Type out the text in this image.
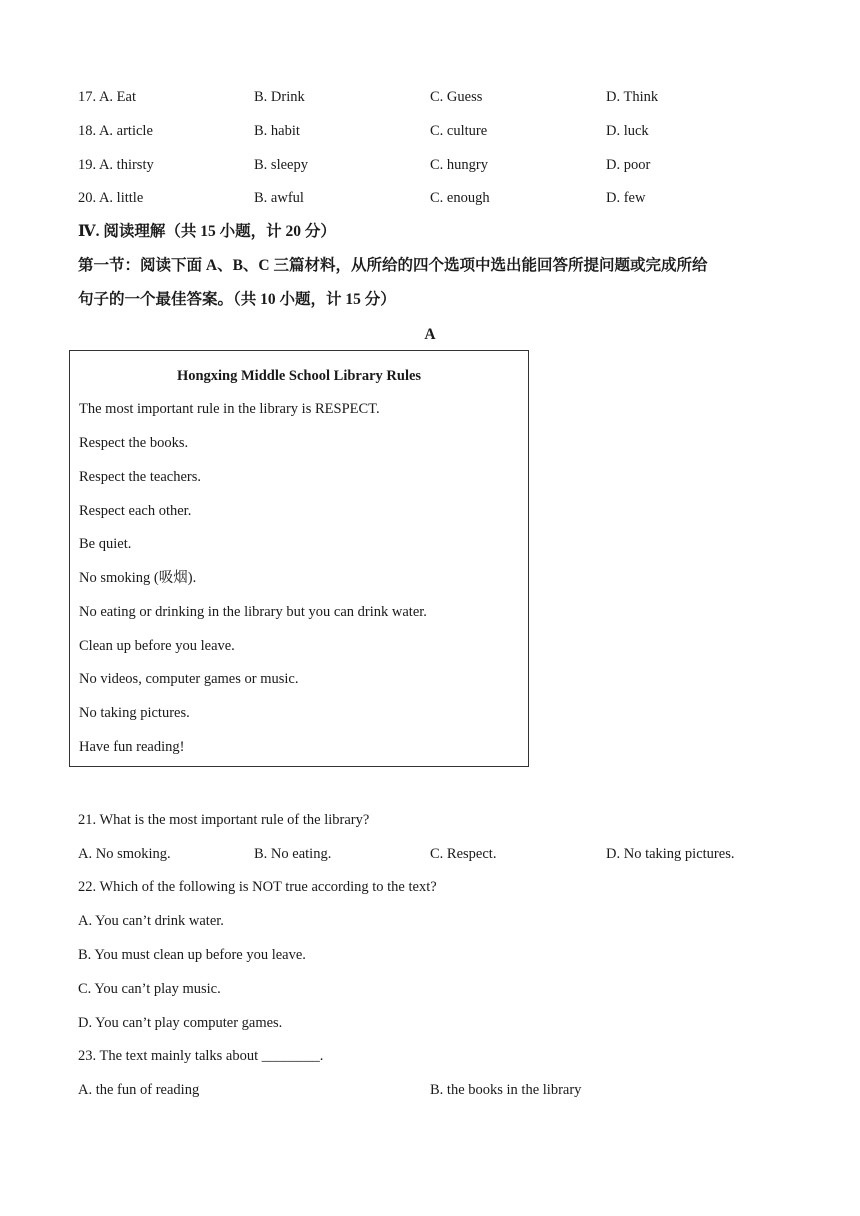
17. A. Eat	B. Drink	C. Guess	D. Think
18. A. article	B. habit	C. culture	D. luck
19. A. thirsty	B. sleepy	C. hungry	D. poor
20. A. little	B. awful	C. enough	D. few
Ⅳ. 阅读理解（共 15 小题，计 20 分）
第一节：阅读下面 A、B、C 三篇材料，从所给的四个选项中选出能回答所提问题或完成所给
句子的一个最佳答案。（共 10 小题，计 15 分）
A
Hongxing Middle School Library Rules
The most important rule in the library is RESPECT.
Respect the books.
Respect the teachers.
Respect each other.
Be quiet.
No smoking (吸烟).
No eating or drinking in the library but you can drink water.
Clean up before you leave.
No videos, computer games or music.
No taking pictures.
Have fun reading!
21. What is the most important rule of the library?
A. No smoking.	B. No eating.	C. Respect.	D. No taking pictures.
22. Which of the following is NOT true according to the text?
A. You can’t drink water.
B. You must clean up before you leave.
C. You can’t play music.
D. You can’t play computer games.
23. The text mainly talks about ________.
A. the fun of reading	B. the books in the library
